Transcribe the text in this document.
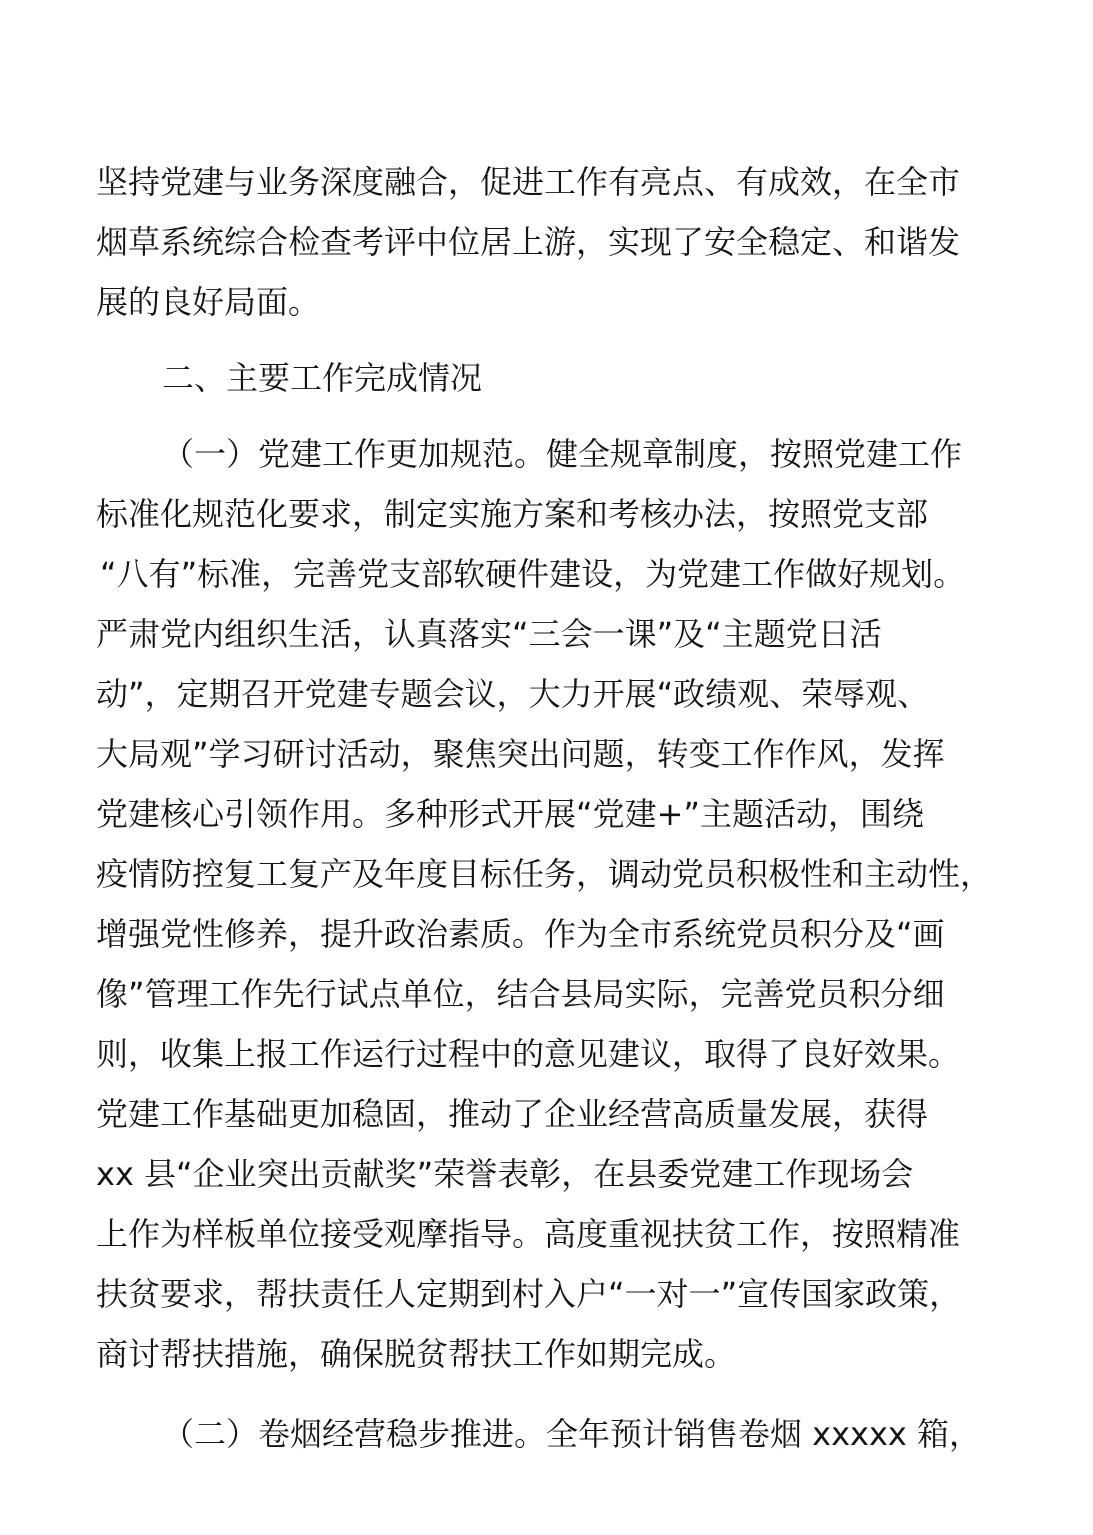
坚持党建与业务深度融合，促进工作有亮点、有成效，在全市
烟草系统综合检查考评中位居上游，实现了安全稳定、和谐发
展的良好局面。
二、主要工作完成情况
（一）党建工作更加规范。健全规章制度，按照党建工作
标准化规范化要求，制定实施方案和考核办法，按照党支部
“八有”标准，完善党支部软硬件建设，为党建工作做好规划。
严肃党内组织生活，认真落实“三会一课”及“主题党日活
动”，定期召开党建专题会议，大力开展“政绩观、荣辱观、
大局观”学习研讨活动，聚焦突出问题，转变工作作风，发挥
党建核心引领作用。多种形式开展“党建+”主题活动，围绕
疫情防控复工复产及年度目标任务，调动党员积极性和主动性，
增强党性修养，提升政治素质。作为全市系统党员积分及“画
像”管理工作先行试点单位，结合县局实际，完善党员积分细
则，收集上报工作运行过程中的意见建议，取得了良好效果。
党建工作基础更加稳固，推动了企业经营高质量发展，获得
xx 县“企业突出贡献奖”荣誉表彰，在县委党建工作现场会
上作为样板单位接受观摩指导。高度重视扶贫工作，按照精准
扶贫要求，帮扶责任人定期到村入户“一对一”宣传国家政策，
商讨帮扶措施，确保脱贫帮扶工作如期完成。
（二）卷烟经营稳步推进。全年预计销售卷烟 xxxxx 箱，
